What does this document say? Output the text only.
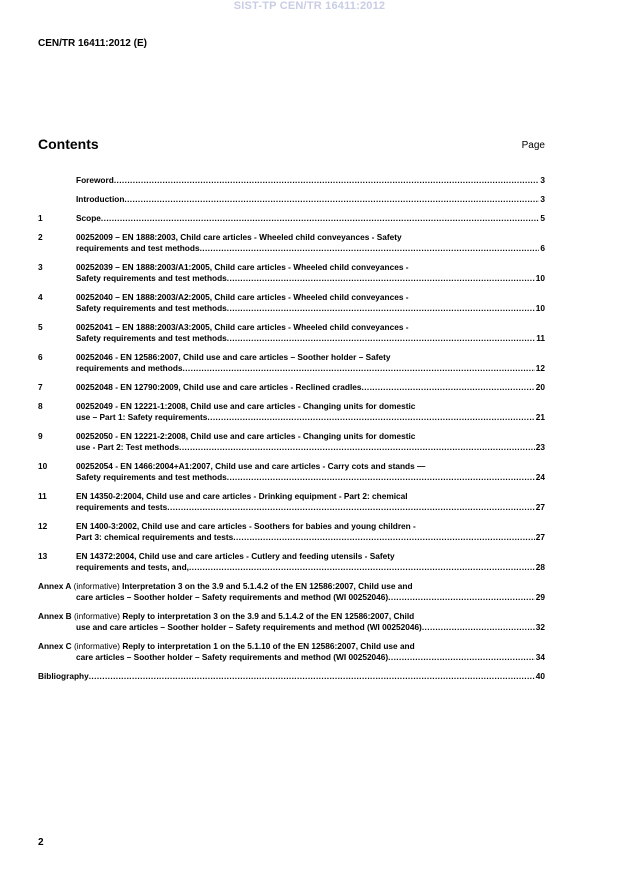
SIST-TP CEN/TR 16411:2012
CEN/TR 16411:2012 (E)
Contents	Page
Foreword .....	3
Introduction .....	3
1	Scope .....	5
2	00252009 – EN 1888:2003, Child care articles - Wheeled child conveyances - Safety
requirements and test methods .....	6
3	00252039 – EN 1888:2003/A1:2005, Child care articles - Wheeled child conveyances -
Safety requirements and test methods .....	10
4	00252040 – EN 1888:2003/A2:2005, Child care articles - Wheeled child conveyances -
Safety requirements and test methods .....	10
5	00252041 – EN 1888:2003/A3:2005, Child care articles - Wheeled child conveyances -
Safety requirements and test methods .....	11
6	00252046 - EN 12586:2007, Child use and care articles – Soother holder – Safety
requirements and methods .....	12
7	00252048 - EN 12790:2009, Child use and care articles - Reclined cradles .....	20
8	00252049 - EN 12221-1:2008, Child use and care articles - Changing units for domestic
use – Part 1: Safety requirements .....	21
9	00252050 - EN 12221-2:2008, Child use and care articles - Changing units for domestic
use - Part 2: Test methods .....	23
10	00252054 - EN 1466:2004+A1:2007, Child use and care articles - Carry cots and stands —
Safety requirements and test methods .....	24
11	EN 14350-2:2004, Child use and care articles - Drinking equipment - Part 2: chemical
requirements and tests .....	27
12	EN 1400-3:2002, Child use and care articles - Soothers for babies and young children -
Part 3: chemical requirements and tests .....	27
13	EN 14372:2004, Child use and care articles - Cutlery and feeding utensils - Safety
requirements and tests, and, .....	28
Annex A (informative) Interpretation 3 on the 3.9 and 5.1.4.2 of the EN 12586:2007, Child use and
care articles – Soother holder – Safety requirements and method (WI 00252046) .....	29
Annex B (informative) Reply to interpretation 3 on the 3.9 and 5.1.4.2 of the EN 12586:2007, Child
use and care articles – Soother holder – Safety requirements and method (WI 00252046) .....	32
Annex C (informative) Reply to interpretation 1 on the 5.1.10 of the EN 12586:2007, Child use and
care articles – Soother holder – Safety requirements and method (WI 00252046) .....	34
Bibliography .....	40
2
